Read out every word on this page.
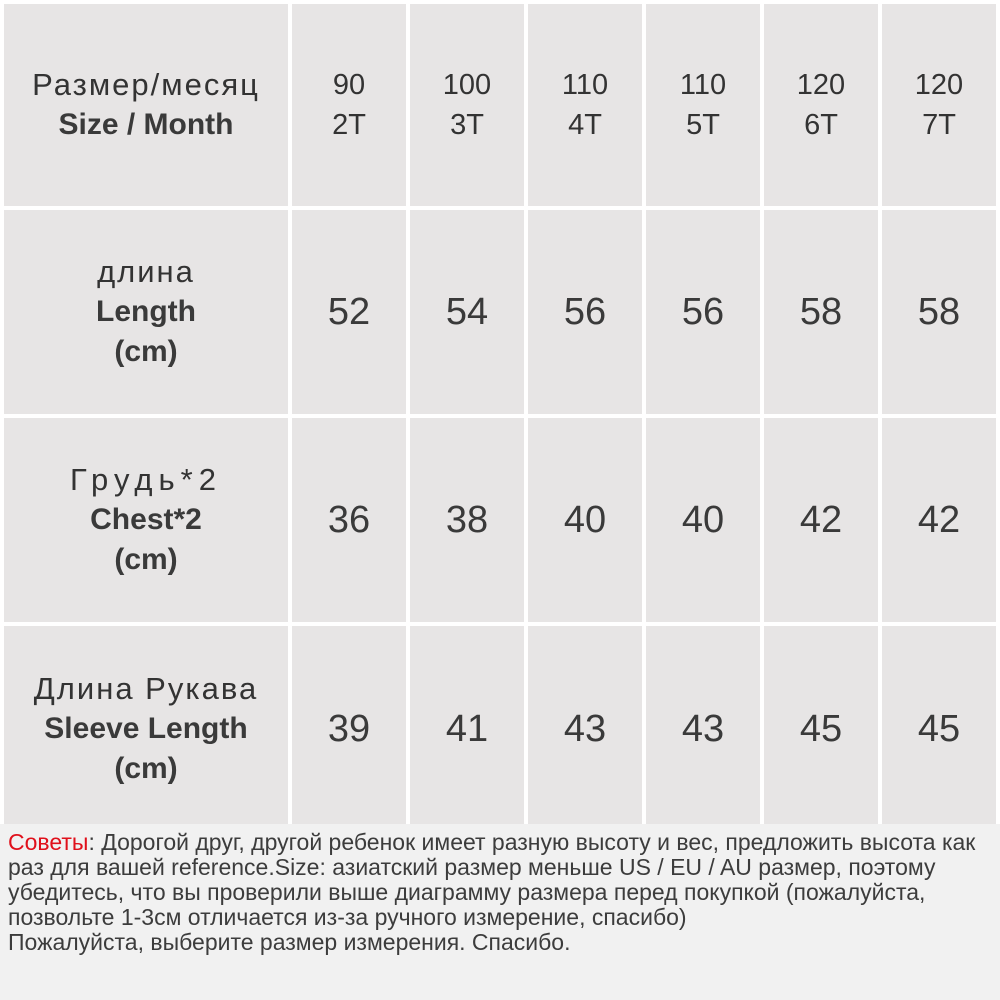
Размер/месяц
Size / Month
90
2T
100
3T
110
4T
110
5T
120
6T
120
7T
длина
Length
(cm)
52 54 56 56 58 58
Грудь*2
Chest*2
(cm)
36 38 40 40 42 42
Длина Рукава
Sleeve Length
(cm)
39 41 43 43 45 45

Советы: Дорогой друг, другой ребенок имеет разную высоту и вес, предложить высота как раз для вашей reference.Size: азиатский размер меньше US / EU / AU размер, поэтому убедитесь, что вы проверили выше диаграмму размера перед покупкой (пожалуйста, позвольте 1-3см отличается из-за ручного измерение, спасибо)

Пожалуйста, выберите размер измерения. Спасибо.
